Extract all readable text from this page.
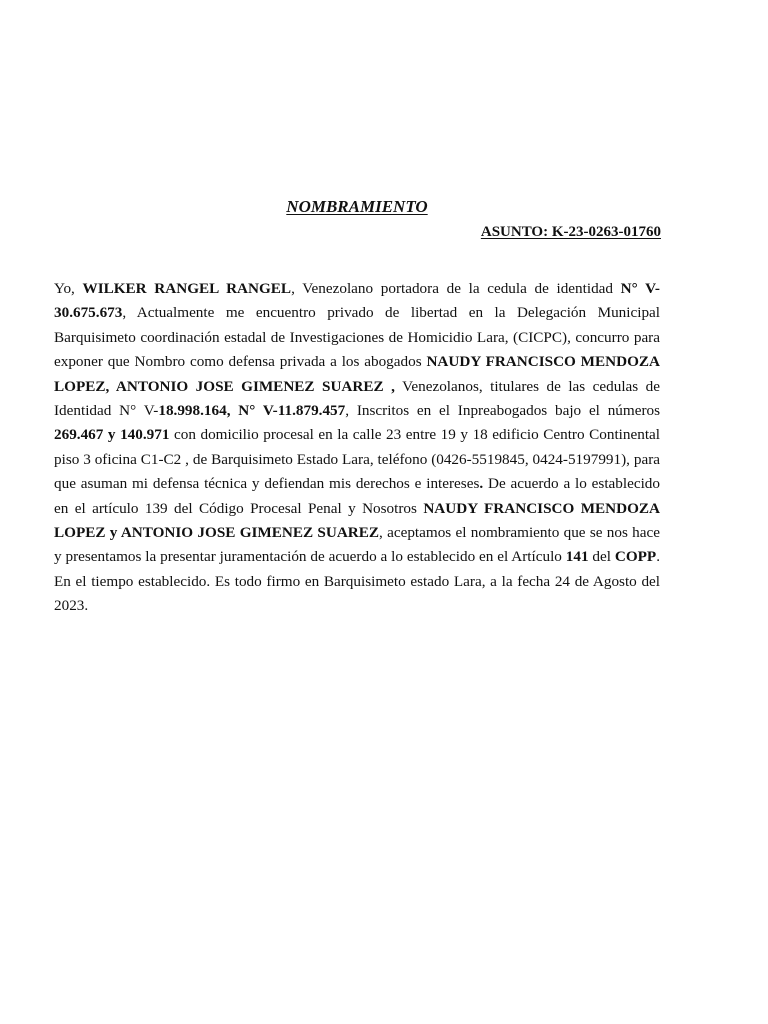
NOMBRAMIENTO
ASUNTO: K-23-0263-01760

Yo, WILKER RANGEL RANGEL, Venezolano portadora de la cedula de identidad N° V- 30.675.673, Actualmente me encuentro privado de libertad en la Delegación Municipal Barquisimeto coordinación estadal de Investigaciones de Homicidio Lara, (CICPC), concurro para exponer que Nombro como defensa privada a los abogados NAUDY FRANCISCO MENDOZA LOPEZ, ANTONIO JOSE GIMENEZ SUAREZ , Venezolanos, titulares de las cedulas de Identidad N° V-18.998.164, N° V-11.879.457, Inscritos en el Inpreabogados bajo el números 269.467 y 140.971 con domicilio procesal en la calle 23 entre 19 y 18 edificio Centro Continental piso 3 oficina C1-C2 , de Barquisimeto Estado Lara, teléfono (0426-5519845, 0424-5197991), para que asuman mi defensa técnica y defiendan mis derechos e intereses. De acuerdo a lo establecido en el artículo 139 del Código Procesal Penal y Nosotros NAUDY FRANCISCO MENDOZA LOPEZ y ANTONIO JOSE GIMENEZ SUAREZ, aceptamos el nombramiento que se nos hace y presentamos la presentar juramentación de acuerdo a lo establecido en el Artículo 141 del COPP. En el tiempo establecido. Es todo firmo en Barquisimeto estado Lara, a la fecha 24 de Agosto del 2023.
